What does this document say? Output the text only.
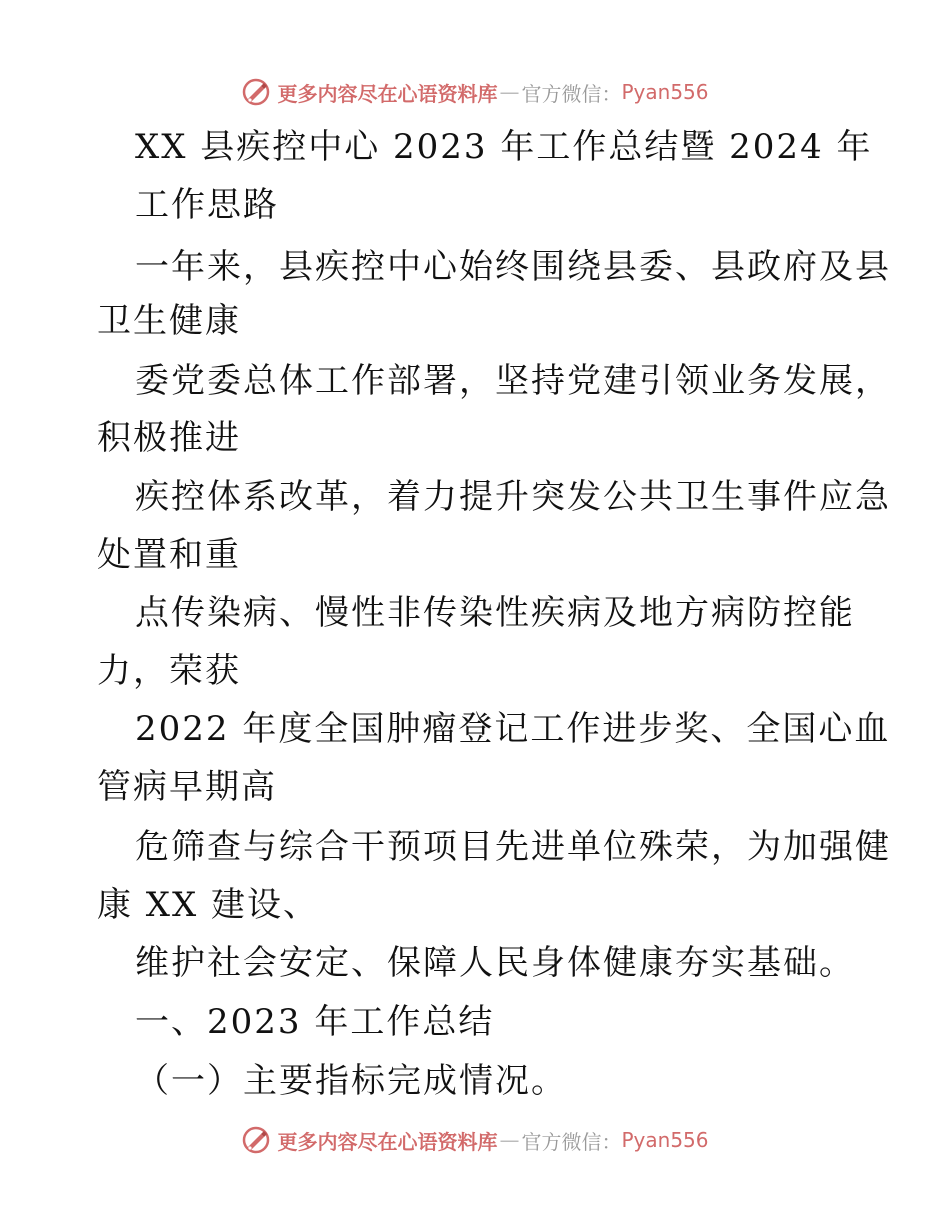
更多内容尽在心语资料库 — 官方微信： Pyan556
XX 县疾控中心 2023 年工作总结暨 2024 年
工作思路
一年来，县疾控中心始终围绕县委、县政府及县
卫生健康
委党委总体工作部署，坚持党建引领业务发展，
积极推进
疾控体系改革，着力提升突发公共卫生事件应急
处置和重
点传染病、慢性非传染性疾病及地方病防控能
力，荣获
2022 年度全国肿瘤登记工作进步奖、全国心血
管病早期高
危筛查与综合干预项目先进单位殊荣，为加强健
康 XX 建设、
维护社会安定、保障人民身体健康夯实基础。
一、2023 年工作总结
（一）主要指标完成情况。
更多内容尽在心语资料库 — 官方微信： Pyan556
